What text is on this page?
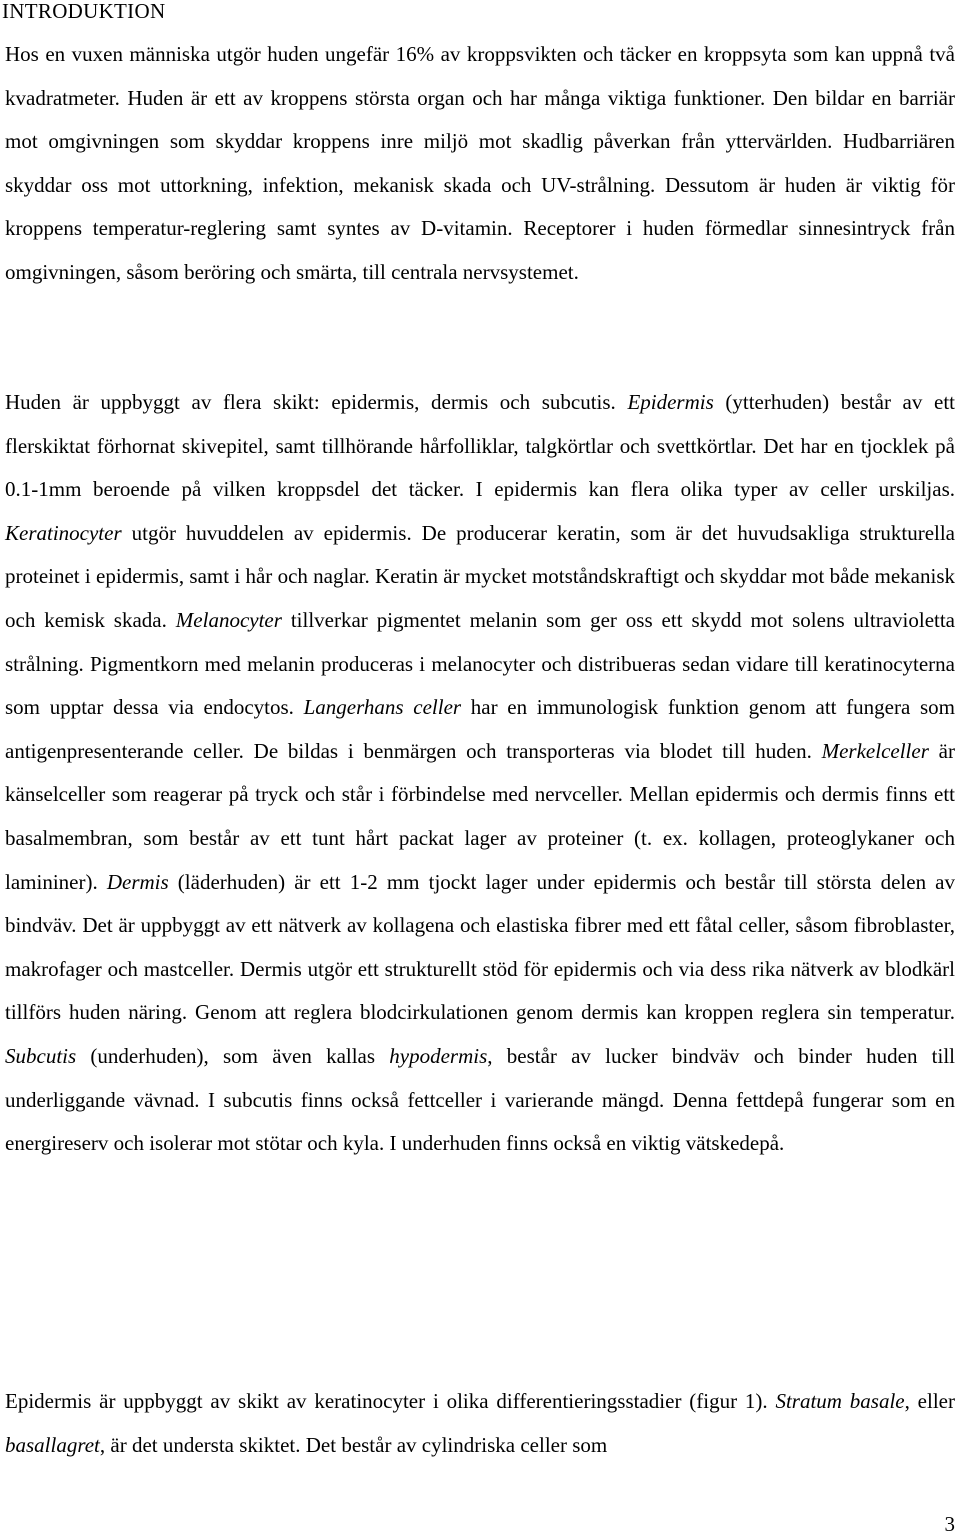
INTRODUKTION

Hos en vuxen människa utgör huden ungefär 16% av kroppsvikten och täcker en kroppsyta som kan uppnå två kvadratmeter. Huden är ett av kroppens största organ och har många viktiga funktioner. Den bildar en barriär mot omgivningen som skyddar kroppens inre miljö mot skadlig påverkan från yttervärlden. Hudbarriären skyddar oss mot uttorkning, infektion, mekanisk skada och UV-strålning. Dessutom är huden är viktig för kroppens temperatur-reglering samt syntes av D-vitamin. Receptorer i huden förmedlar sinnesintryck från omgivningen, såsom beröring och smärta, till centrala nervsystemet.

Huden är uppbyggt av flera skikt: epidermis, dermis och subcutis. Epidermis (ytterhuden) består av ett flerskiktat förhornat skivepitel, samt tillhörande hårfolliklar, talgkörtlar och svettkörtlar. Det har en tjocklek på 0.1-1mm beroende på vilken kroppsdel det täcker. I epidermis kan flera olika typer av celler urskiljas. Keratinocyter utgör huvuddelen av epidermis. De producerar keratin, som är det huvudsakliga strukturella proteinet i epidermis, samt i hår och naglar. Keratin är mycket motståndskraftigt och skyddar mot både mekanisk och kemisk skada. Melanocyter tillverkar pigmentet melanin som ger oss ett skydd mot solens ultravioletta strålning. Pigmentkorn med melanin produceras i melanocyter och distribueras sedan vidare till keratinocyterna som upptar dessa via endocytos. Langerhans celler har en immunologisk funktion genom att fungera som antigenpresenterande celler. De bildas i benmärgen och transporteras via blodet till huden. Merkelceller är känselceller som reagerar på tryck och står i förbindelse med nervceller. Mellan epidermis och dermis finns ett basalmembran, som består av ett tunt hårt packat lager av proteiner (t. ex. kollagen, proteoglykaner och lamininer). Dermis (läderhuden) är ett 1-2 mm tjockt lager under epidermis och består till största delen av bindväv. Det är uppbyggt av ett nätverk av kollagena och elastiska fibrer med ett fåtal celler, såsom fibroblaster, makrofager och mastceller. Dermis utgör ett strukturellt stöd för epidermis och via dess rika nätverk av blodkärl tillförs huden näring. Genom att reglera blodcirkulationen genom dermis kan kroppen reglera sin temperatur. Subcutis (underhuden), som även kallas hypodermis, består av lucker bindväv och binder huden till underliggande vävnad. I subcutis finns också fettceller i varierande mängd. Denna fettdepå fungerar som en energireserv och isolerar mot stötar och kyla. I underhuden finns också en viktig vätskedepå.

Epidermis är uppbyggt av skikt av keratinocyter i olika differentieringsstadier (figur 1). Stratum basale, eller basallagret, är det understa skiktet. Det består av cylindriska celler som

3
